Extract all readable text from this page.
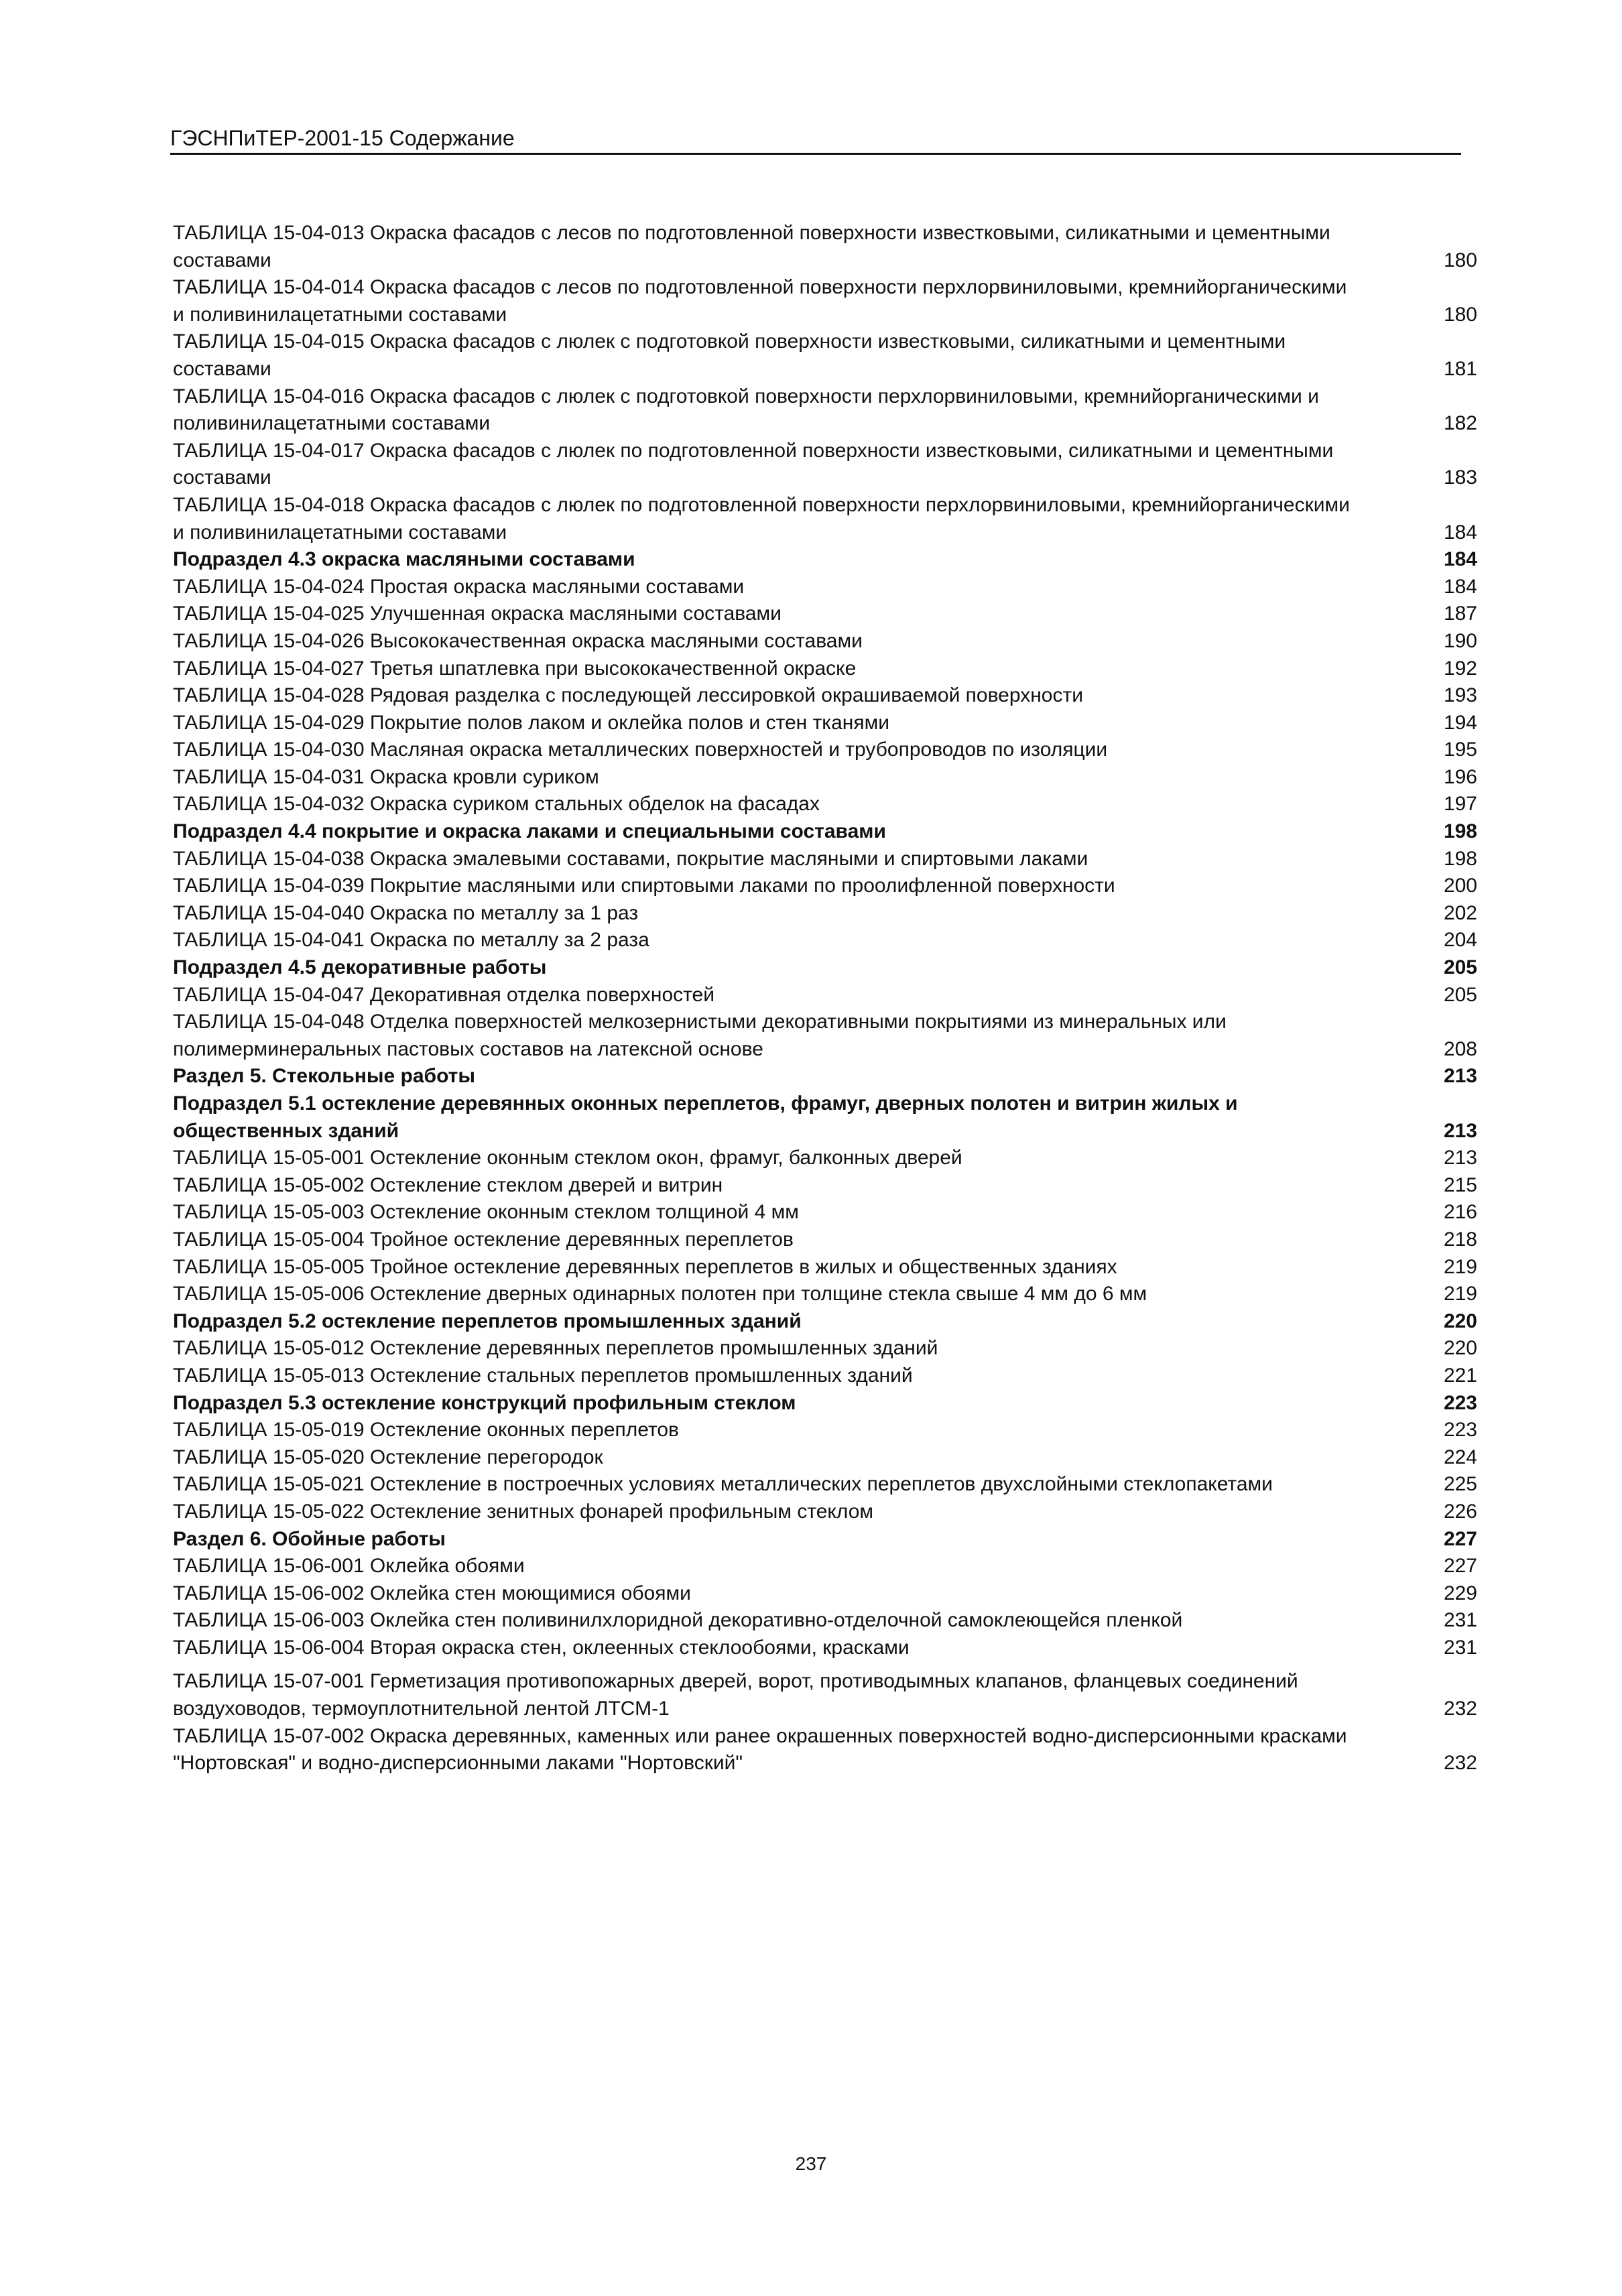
ГЭСНПиТЕР-2001-15 Содержание
ТАБЛИЦА 15-04-013 Окраска фасадов с лесов по подготовленной поверхности известковыми, силикатными и цементными составами	180
ТАБЛИЦА 15-04-014 Окраска фасадов с лесов по подготовленной поверхности перхлорвиниловыми, кремнийорганическими и поливинилацетатными составами	180
ТАБЛИЦА 15-04-015 Окраска фасадов с люлек с подготовкой поверхности известковыми, силикатными и цементными составами	181
ТАБЛИЦА 15-04-016 Окраска фасадов с люлек с подготовкой поверхности перхлорвиниловыми, кремнийорганическими и поливинилацетатными составами	182
ТАБЛИЦА 15-04-017 Окраска фасадов с люлек по подготовленной поверхности известковыми, силикатными и цементными составами	183
ТАБЛИЦА 15-04-018 Окраска фасадов с люлек по подготовленной поверхности перхлорвиниловыми, кремнийорганическими и поливинилацетатными составами	184
Подраздел 4.3 окраска масляными составами	184
ТАБЛИЦА 15-04-024 Простая окраска масляными составами	184
ТАБЛИЦА 15-04-025 Улучшенная окраска масляными составами	187
ТАБЛИЦА 15-04-026 Высококачественная окраска масляными составами	190
ТАБЛИЦА 15-04-027 Третья шпатлевка при высококачественной окраске	192
ТАБЛИЦА 15-04-028 Рядовая разделка с последующей лессировкой окрашиваемой поверхности	193
ТАБЛИЦА 15-04-029 Покрытие полов лаком и оклейка полов и стен тканями	194
ТАБЛИЦА 15-04-030 Масляная окраска металлических поверхностей и трубопроводов по изоляции	195
ТАБЛИЦА 15-04-031 Окраска кровли суриком	196
ТАБЛИЦА 15-04-032 Окраска суриком стальных обделок на фасадах	197
Подраздел 4.4 покрытие и окраска лаками и специальными составами	198
ТАБЛИЦА 15-04-038 Окраска эмалевыми составами, покрытие масляными и спиртовыми лаками	198
ТАБЛИЦА 15-04-039 Покрытие масляными или спиртовыми лаками по проолифленной поверхности	200
ТАБЛИЦА 15-04-040 Окраска по металлу за 1 раз	202
ТАБЛИЦА 15-04-041 Окраска по металлу за 2 раза	204
Подраздел 4.5 декоративные работы	205
ТАБЛИЦА 15-04-047 Декоративная отделка поверхностей	205
ТАБЛИЦА 15-04-048 Отделка поверхностей мелкозернистыми декоративными покрытиями из минеральных или полимерминеральных пастовых составов на латексной основе	208
Раздел 5. Стекольные работы	213
Подраздел 5.1 остекление деревянных оконных переплетов, фрамуг, дверных полотен и витрин жилых и общественных зданий	213
ТАБЛИЦА 15-05-001 Остекление оконным стеклом окон, фрамуг, балконных дверей	213
ТАБЛИЦА 15-05-002 Остекление стеклом дверей и витрин	215
ТАБЛИЦА 15-05-003 Остекление оконным стеклом толщиной 4 мм	216
ТАБЛИЦА 15-05-004 Тройное остекление деревянных переплетов	218
ТАБЛИЦА 15-05-005 Тройное остекление деревянных переплетов в жилых и общественных зданиях	219
ТАБЛИЦА 15-05-006 Остекление дверных одинарных полотен при толщине стекла свыше 4 мм до 6 мм	219
Подраздел 5.2 остекление переплетов промышленных зданий	220
ТАБЛИЦА 15-05-012 Остекление деревянных переплетов промышленных зданий	220
ТАБЛИЦА 15-05-013 Остекление стальных переплетов промышленных зданий	221
Подраздел 5.3 остекление конструкций профильным стеклом	223
ТАБЛИЦА 15-05-019 Остекление оконных переплетов	223
ТАБЛИЦА 15-05-020 Остекление перегородок	224
ТАБЛИЦА 15-05-021 Остекление в построечных условиях металлических переплетов двухслойными стеклопакетами	225
ТАБЛИЦА 15-05-022 Остекление зенитных фонарей профильным стеклом	226
Раздел 6. Обойные работы	227
ТАБЛИЦА 15-06-001 Оклейка обоями	227
ТАБЛИЦА 15-06-002 Оклейка стен моющимися обоями	229
ТАБЛИЦА 15-06-003 Оклейка стен поливинилхлоридной декоративно-отделочной самоклеющейся пленкой	231
ТАБЛИЦА 15-06-004 Вторая окраска стен, оклеенных стеклообоями, красками	231
ТАБЛИЦА 15-07-001 Герметизация противопожарных дверей, ворот, противодымных клапанов, фланцевых соединений воздуховодов, термоуплотнительной лентой ЛТСМ-1	232
ТАБЛИЦА 15-07-002 Окраска деревянных, каменных или ранее окрашенных поверхностей водно-дисперсионными красками "Нортовская" и водно-дисперсионными лаками "Нортовский"	232
237
